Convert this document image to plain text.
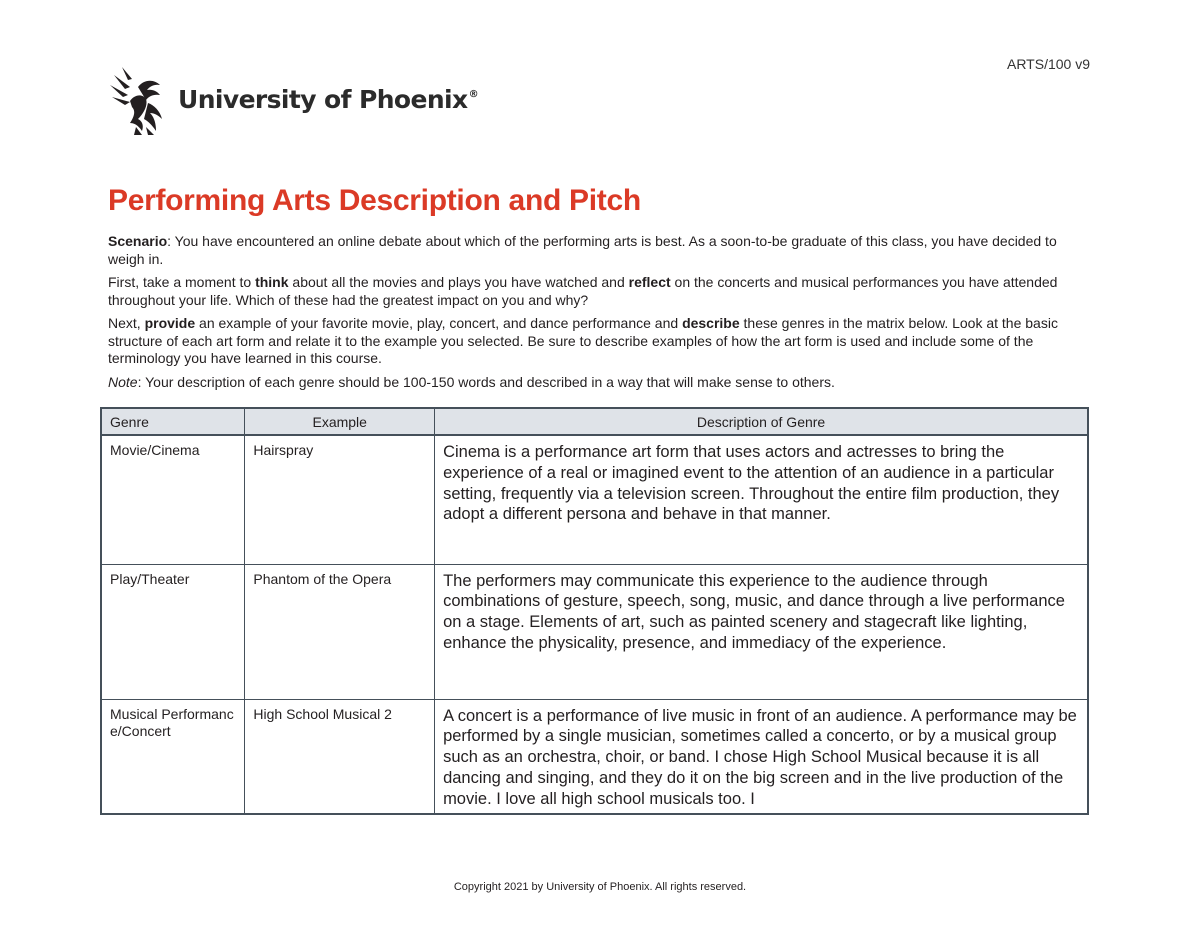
ARTS/100 v9
University of Phoenix®
Performing Arts Description and Pitch

Scenario: You have encountered an online debate about which of the performing arts is best. As a soon-to-be graduate of this class, you have decided to weigh in.

First, take a moment to think about all the movies and plays you have watched and reflect on the concerts and musical performances you have attended throughout your life. Which of these had the greatest impact on you and why?

Next, provide an example of your favorite movie, play, concert, and dance performance and describe these genres in the matrix below. Look at the basic structure of each art form and relate it to the example you selected. Be sure to describe examples of how the art form is used and include some of the terminology you have learned in this course.

Note: Your description of each genre should be 100-150 words and described in a way that will make sense to others.

Genre	Example	Description of Genre
Movie/Cinema	Hairspray	Cinema is a performance art form that uses actors and actresses to bring the experience of a real or imagined event to the attention of an audience in a particular setting, frequently via a television screen. Throughout the entire film production, they adopt a different persona and behave in that manner.
Play/Theater	Phantom of the Opera	The performers may communicate this experience to the audience through combinations of gesture, speech, song, music, and dance through a live performance on a stage. Elements of art, such as painted scenery and stagecraft like lighting, enhance the physicality, presence, and immediacy of the experience.
Musical Performance/Concert	High School Musical 2	A concert is a performance of live music in front of an audience. A performance may be performed by a single musician, sometimes called a concerto, or by a musical group such as an orchestra, choir, or band. I chose High School Musical because it is all dancing and singing, and they do it on the big screen and in the live production of the movie. I love all high school musicals too. I
Copyright 2021 by University of Phoenix. All rights reserved.
